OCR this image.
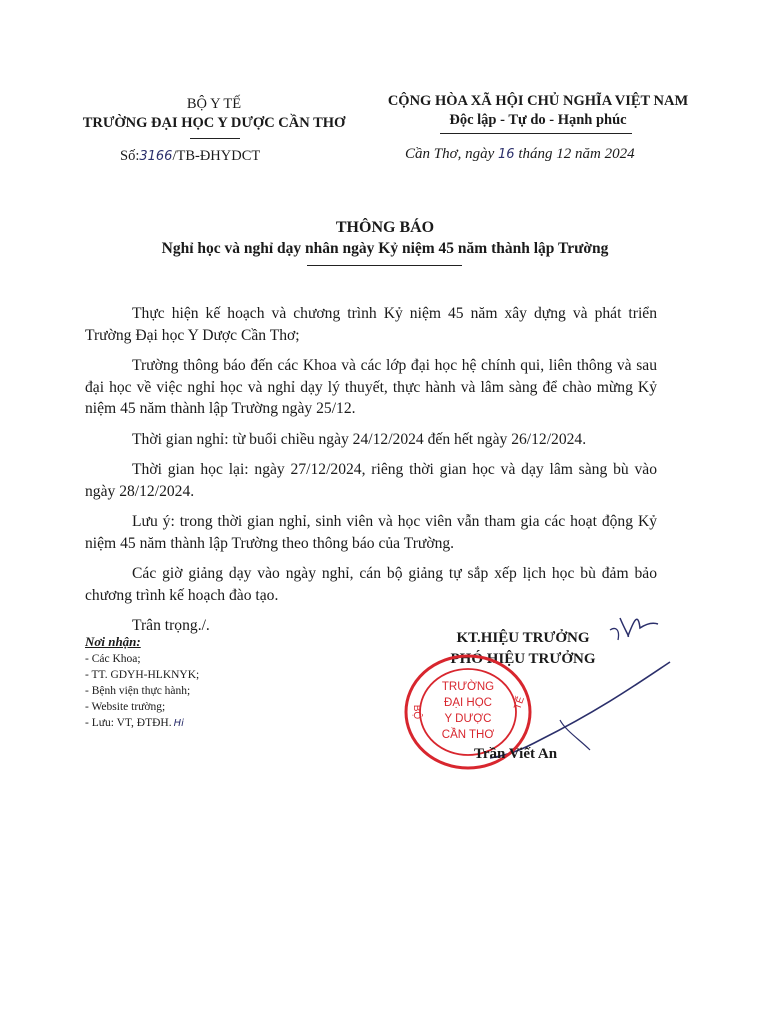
BỘ Y TẾ
TRƯỜNG ĐẠI HỌC Y DƯỢC CẦN THƠ
Số:3166/TB-ĐHYDCT
CỘNG HÒA XÃ HỘI CHỦ NGHĨA VIỆT NAM
Độc lập - Tự do - Hạnh phúc
Cần Thơ, ngày 16 tháng 12 năm 2024
THÔNG BÁO
Nghỉ học và nghỉ dạy nhân ngày Kỷ niệm 45 năm thành lập Trường

Thực hiện kế hoạch và chương trình Kỷ niệm 45 năm xây dựng và phát triển Trường Đại học Y Dược Cần Thơ;

Trường thông báo đến các Khoa và các lớp đại học hệ chính qui, liên thông và sau đại học về việc nghỉ học và nghỉ dạy lý thuyết, thực hành và lâm sàng để chào mừng Kỷ niệm 45 năm thành lập Trường ngày 25/12.

Thời gian nghỉ: từ buổi chiều ngày 24/12/2024 đến hết ngày 26/12/2024.

Thời gian học lại: ngày 27/12/2024, riêng thời gian học và dạy lâm sàng bù vào ngày 28/12/2024.

Lưu ý: trong thời gian nghỉ, sinh viên và học viên vẫn tham gia các hoạt động Kỷ niệm 45 năm thành lập Trường theo thông báo của Trường.

Các giờ giảng dạy vào ngày nghỉ, cán bộ giảng tự sắp xếp lịch học bù đảm bảo chương trình kế hoạch đào tạo.

Trân trọng./.

Nơi nhận:
- Các Khoa;
- TT. GDYH-HLKNYK;
- Bệnh viện thực hành;
- Website trường;
- Lưu: VT, ĐTĐH. Hi
KT.HIỆU TRƯỞNG
PHÓ HIỆU TRƯỞNG
BỘ
TẾ
TRƯỜNG
ĐẠI HỌC
Y DƯỢC
CẦN THƠ
Trần Viết An
